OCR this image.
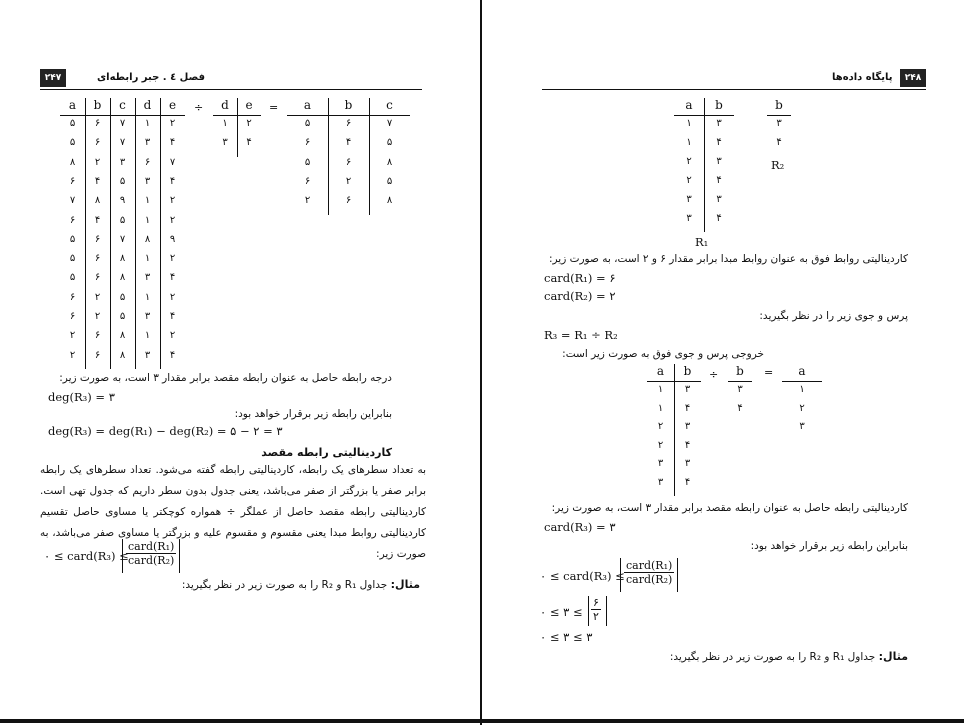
۲۴۷	فصل ٤ . جبر رابطه‌ای
a	b	c	d	e
۵	۶	۷	۱	۲
۵	۶	۷	۳	۴
۸	۲	۳	۶	۷
۶	۴	۵	۳	۴
۷	۸	۹	۱	۲
۶	۴	۵	۱	۲
۵	۶	۷	۸	۹
۵	۶	۸	۱	۲
۵	۶	۸	۳	۴
۶	۲	۵	۱	۲
۶	۲	۵	۳	۴
۲	۶	۸	۱	۲
۲	۶	۸	۳	۴
÷	d	e
۱	۲
۳	۴
=	a	b	c
۵	۶	۷
۶	۴	۵
۵	۶	۸
۶	۲	۵
۲	۶	۸
درجه رابطه حاصل به عنوان رابطه مقصد برابر مقدار ۳ است، به صورت زیر:
deg(R₃) = ۳
بنابراین رابطه زیر برقرار خواهد بود:
deg(R₃) = deg(R₁) − deg(R₂) = ۵ − ۲ = ۳
کاردینالیتی رابطه مقصد
به تعداد سطرهای یک رابطه، کاردینالیتی رابطه گفته می‌شود. تعداد سطرهای یک رابطه برابر صفر یا بزرگتر از صفر می‌باشد، یعنی جدول بدون سطر داریم که جدول تهی است. کاردینالیتی رابطه مقصد حاصل از عملگر ÷ همواره کوچکتر یا مساوی حاصل تقسیم کاردینالیتی روابط مبدا یعنی مقسوم و مقسوم علیه و بزرگتر یا مساوی صفر می‌باشد، به صورت زیر:
۰ ≤ card(R₃) ≤
card(R₁)
card(R₂)
مثال: جداول R₁ و R₂ را به صورت زیر در نظر بگیرید:
پایگاه داده‌ها	۲۴۸
a	b
۱	۳
۱	۴
۲	۳
۲	۴
۳	۳
۳	۴
R₁
b
۳
۴
R₂
کاردینالیتی روابط فوق به عنوان روابط مبدا برابر مقدار ۶ و ۲ است، به صورت زیر:
card(R₁) = ۶
card(R₂) = ۲
پرس و جوی زیر را در نظر بگیرید:
R₃ = R₁ ÷ R₂
خروجی پرس و جوی فوق به صورت زیر است:
a	b
۱	۳
۱	۴
۲	۳
۲	۴
۳	۳
۳	۴
÷	b
۳
۴
=	a
۱
۲
۳
کاردینالیتی رابطه حاصل به عنوان رابطه مقصد برابر مقدار ۳ است، به صورت زیر:
card(R₃) = ۳
بنابراین رابطه زیر برقرار خواهد بود:
۰ ≤ card(R₃) ≤
card(R₁)
card(R₂)
۰ ≤ ۳ ≤
۶
۲
۰ ≤ ۳ ≤ ۳
مثال: جداول R₁ و R₂ را به صورت زیر در نظر بگیرید:
